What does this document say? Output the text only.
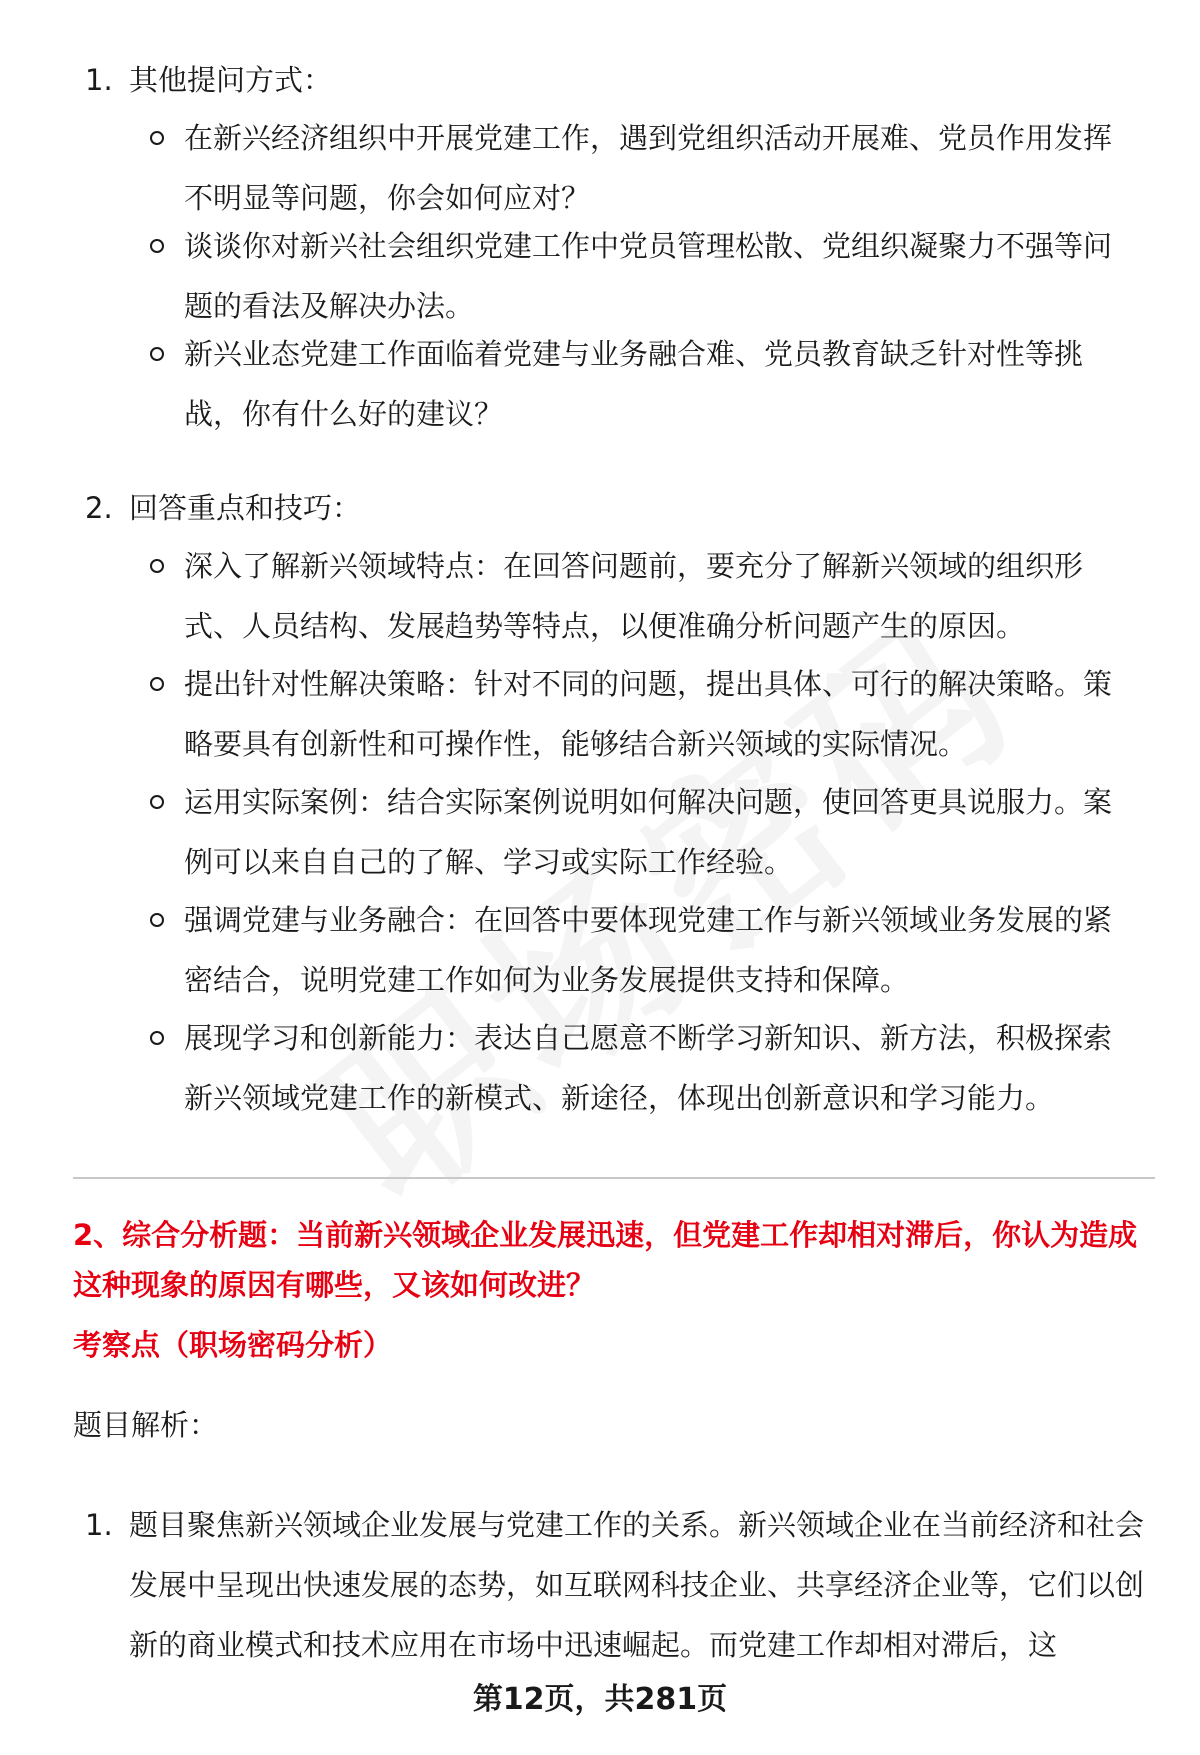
1. 其他提问方式：
在新兴经济组织中开展党建工作，遇到党组织活动开展难、党员作用发挥不明显等问题，你会如何应对？
谈谈你对新兴社会组织党建工作中党员管理松散、党组织凝聚力不强等问题的看法及解决办法。
新兴业态党建工作面临着党建与业务融合难、党员教育缺乏针对性等挑战，你有什么好的建议？
2. 回答重点和技巧：
深入了解新兴领域特点：在回答问题前，要充分了解新兴领域的组织形式、人员结构、发展趋势等特点，以便准确分析问题产生的原因。
提出针对性解决策略：针对不同的问题，提出具体、可行的解决策略。策略要具有创新性和可操作性，能够结合新兴领域的实际情况。
运用实际案例：结合实际案例说明如何解决问题，使回答更具说服力。案例可以来自自己的了解、学习或实际工作经验。
强调党建与业务融合：在回答中要体现党建工作与新兴领域业务发展的紧密结合，说明党建工作如何为业务发展提供支持和保障。
展现学习和创新能力：表达自己愿意不断学习新知识、新方法，积极探索新兴领域党建工作的新模式、新途径，体现出创新意识和学习能力。
2、综合分析题：当前新兴领域企业发展迅速，但党建工作却相对滞后，你认为造成这种现象的原因有哪些，又该如何改进？
考察点（职场密码分析）
题目解析：
1. 题目聚焦新兴领域企业发展与党建工作的关系。新兴领域企业在当前经济和社会发展中呈现出快速发展的态势，如互联网科技企业、共享经济企业等，它们以创新的商业模式和技术应用在市场中迅速崛起。而党建工作却相对滞后，这
第12页，共281页
